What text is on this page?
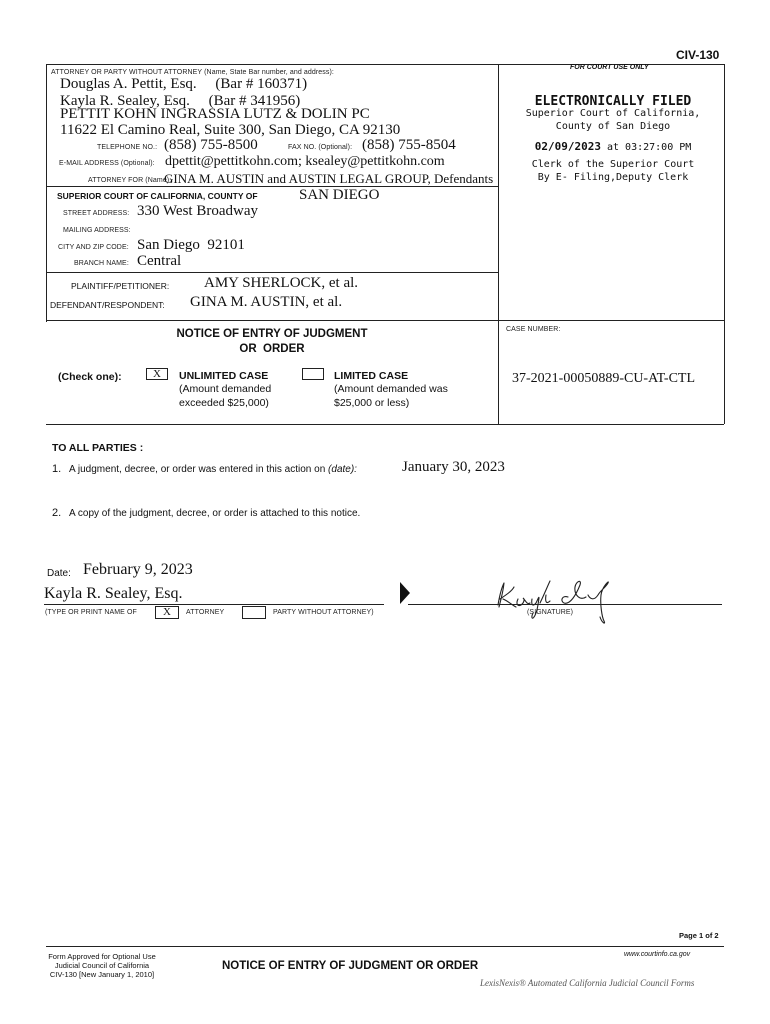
CIV-130
ATTORNEY OR PARTY WITHOUT ATTORNEY (Name, State Bar number, and address):
Douglas A. Pettit, Esq.     (Bar # 160371)
Kayla R. Sealey, Esq.     (Bar # 341956)
PETTIT KOHN INGRASSIA LUTZ & DOLIN PC
11622 El Camino Real, Suite 300, San Diego, CA 92130
TELEPHONE NO.: (858) 755-8500	FAX NO. (Optional): (858) 755-8504
E-MAIL ADDRESS (Optional): dpettit@pettitkohn.com; ksealey@pettitkohn.com
ATTORNEY FOR (Name):
GINA M. AUSTIN and AUSTIN LEGAL GROUP, Defendants
FOR COURT USE ONLY
ELECTRONICALLY FILED
Superior Court of California,
County of San Diego
02/09/2023 at 03:27:00 PM
Clerk of the Superior Court
By E- Filing,Deputy Clerk
SUPERIOR COURT OF CALIFORNIA, COUNTY OF	SAN DIEGO
STREET ADDRESS: 330 West Broadway
MAILING ADDRESS:
CITY AND ZIP CODE: San Diego  92101
BRANCH NAME: Central
PLAINTIFF/PETITIONER: AMY SHERLOCK, et al.
DEFENDANT/RESPONDENT: GINA M. AUSTIN, et al.
NOTICE OF ENTRY OF JUDGMENT
OR  ORDER
(Check one):	X	UNLIMITED CASE
(Amount demanded
exceeded $25,000)
LIMITED CASE
(Amount demanded was
$25,000 or less)
CASE NUMBER:
37-2021-00050889-CU-AT-CTL
TO ALL PARTIES :
1. A judgment, decree, or order was entered in this action on (date):	January 30, 2023
2. A copy of the judgment, decree, or order is attached to this notice.
Date: February 9, 2023
Kayla R. Sealey, Esq.
(TYPE OR PRINT NAME OF	X	ATTORNEY	PARTY WITHOUT ATTORNEY)	(SIGNATURE)
Page 1 of 2
Form Approved for Optional Use
Judicial Council of California
CIV-130 [New January 1, 2010]
NOTICE OF ENTRY OF JUDGMENT OR ORDER
www.courtinfo.ca.gov
LexisNexis® Automated California Judicial Council Forms
